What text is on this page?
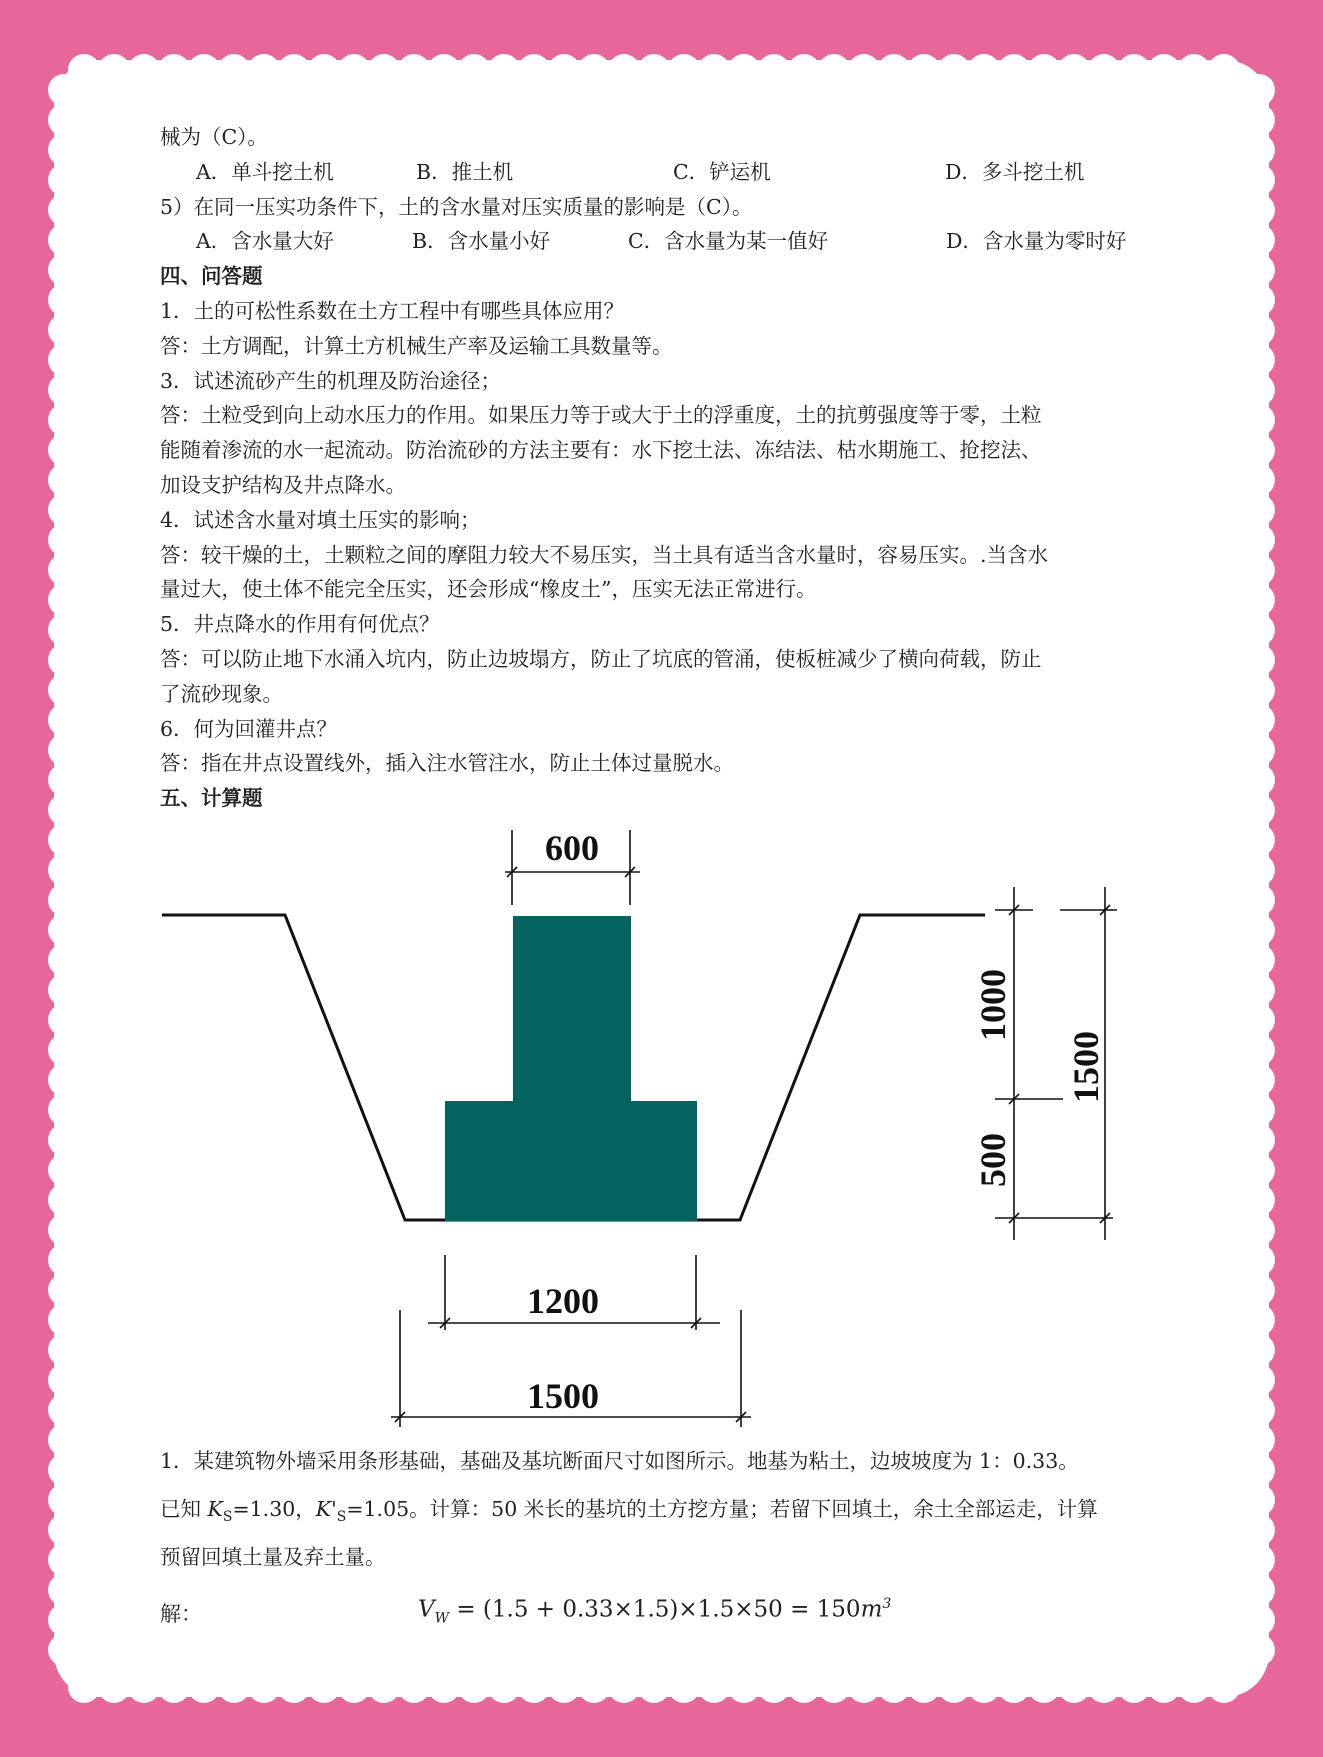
械为（C）。
A．单斗挖土机	B．推土机	C．铲运机	D．多斗挖土机
5）在同一压实功条件下，土的含水量对压实质量的影响是（C）。
A．含水量大好	B．含水量小好	C．含水量为某一值好	D．含水量为零时好
四、问答题
1．土的可松性系数在土方工程中有哪些具体应用？
答：土方调配，计算土方机械生产率及运输工具数量等。
3．试述流砂产生的机理及防治途径；
答：土粒受到向上动水压力的作用。如果压力等于或大于土的浮重度，土的抗剪强度等于零，土粒
能随着渗流的水一起流动。防治流砂的方法主要有：水下挖土法、冻结法、枯水期施工、抢挖法、
加设支护结构及井点降水。
4．试述含水量对填土压实的影响；
答：较干燥的土，土颗粒之间的摩阻力较大不易压实，当土具有适当含水量时，容易压实。.当含水
量过大，使土体不能完全压实，还会形成“橡皮土”，压实无法正常进行。
5．井点降水的作用有何优点？
答：可以防止地下水涌入坑内，防止边坡塌方，防止了坑底的管涌，使板桩减少了横向荷载，防止
了流砂现象。
6．何为回灌井点？
答：指在井点设置线外，插入注水管注水，防止土体过量脱水。
五、计算题
600
1200
1500
1000
500
1500
1．某建筑物外墙采用条形基础，基础及基坑断面尺寸如图所示。地基为粘土，边坡坡度为 1：0.33。
已知 $K_S=1.30$，$K'_S=1.05$。计算：50 米长的基坑的土方挖方量；若留下回填土，余土全部运走，计算
预留回填土量及弃土量。
解：	$V_W = (1.5 + 0.33\times 1.5)\times 1.5\times 50 = 150m^3$
